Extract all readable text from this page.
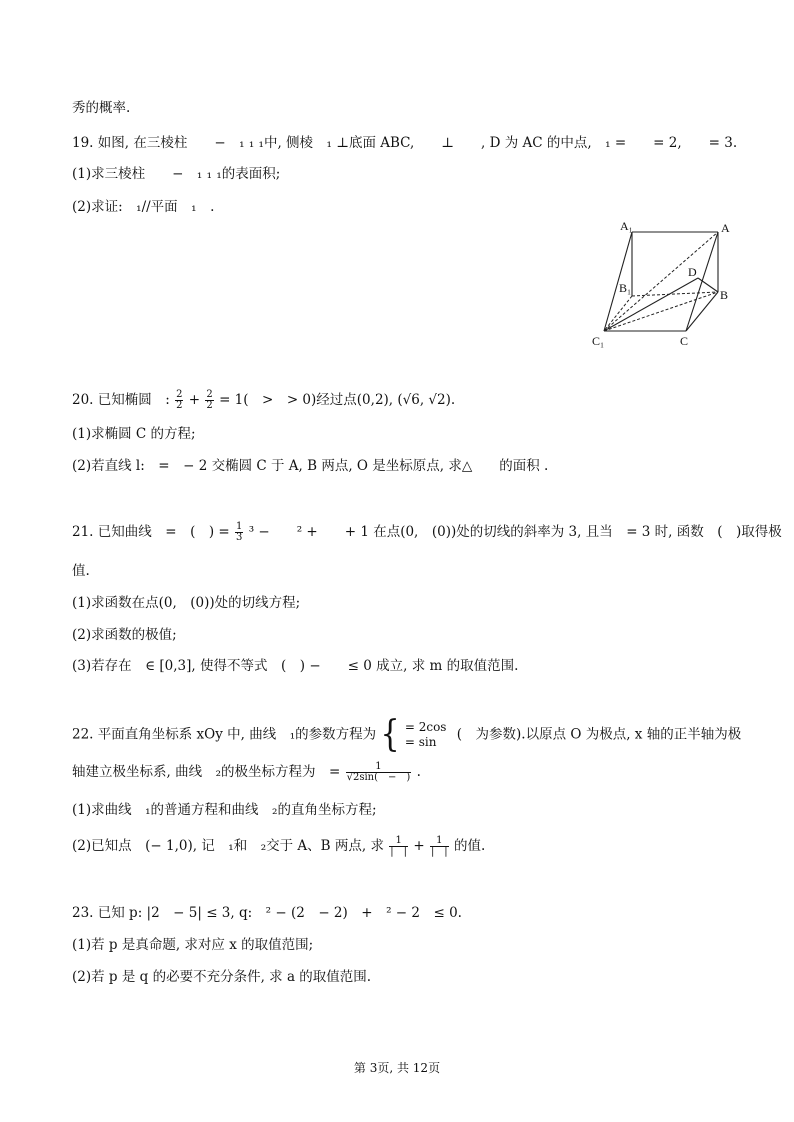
秀的概率.
19. 如图, 在三棱柱　　−　₁ ₁ ₁中, 侧棱　₁ ⊥底面 ABC,　　⊥　　, D 为 AC 的中点,　₁ =　　= 2,　　= 3.
(1)求三棱柱　　−　₁ ₁ ₁的表面积;
(2)求证:　₁//平面　₁　.
A₁	A
B₁
D
B
C₁	C
20. 已知椭圆　: $\frac{2}{2} + \frac{2}{2} = 1$(　>　> 0)经过点(0,2), (√6, √2).
(1)求椭圆 C 的方程;
(2)若直线 l:　=　− 2 交椭圆 C 于 A, B 两点, O 是坐标原点, 求△　　的面积 .
21. 已知曲线　=　(　) = $\frac{1}{3} ^3$ −　　² +　　+ 1 在点(0,　(0))处的切线的斜率为 3, 且当　= 3 时, 函数　(　)取得极
值.
(1)求函数在点(0,　(0))处的切线方程;
(2)求函数的极值;
(3)若存在　∈ [0,3], 使得不等式　(　) −　　≤ 0 成立, 求 m 的取值范围.
22. 平面直角坐标系 xOy 中, 曲线　₁的参数方程为 { = 2cos
= sin	(　为参数).以原点 O 为极点, x 轴的正半轴为极
轴建立极坐标系, 曲线　₂的极坐标方程为　= $\frac{1}{√2\sin( - )}$ .
(1)求曲线　₁的普通方程和曲线　₂的直角坐标方程;
(2)已知点　(− 1,0), 记　₁和　₂交于 A、B 两点, 求 $\frac{1}{| |} + \frac{1}{| |}$ 的值.
23. 已知 p: |2　− 5| ≤ 3, q:　² − (2　− 2)　+　² − 2　≤ 0.
(1)若 p 是真命题, 求对应 x 的取值范围;
(2)若 p 是 q 的必要不充分条件, 求 a 的取值范围.
第 3页, 共 12页
